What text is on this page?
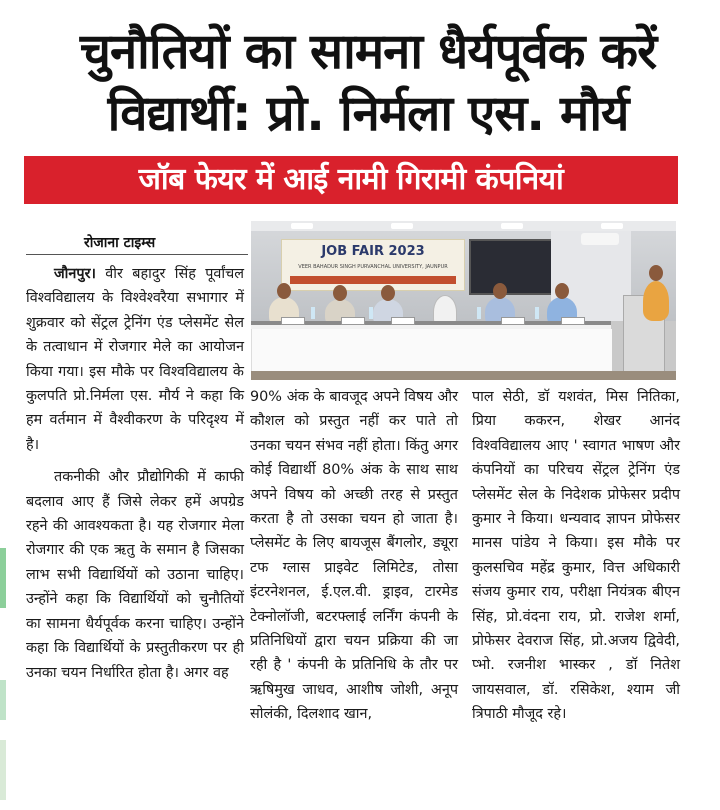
चुनौतियों का सामना धैर्यपूर्वक करें
विद्यार्थी: प्रो. निर्मला एस. मौर्य
जॉब फेयर में आई नामी गिरामी कंपनियां
रोजाना टाइम्स
JOB FAIR 2023
VEER BAHADUR SINGH PURVANCHAL UNIVERSITY, JAUNPUR

जौनपुर। वीर बहादुर सिंह पूर्वांचल विश्वविद्यालय के विश्वेश्वरैया सभागार में शुक्रवार को सेंट्रल ट्रेनिंग एंड प्लेसमेंट सेल के तत्वाधान में रोजगार मेले का आयोजन किया गया। इस मौके पर विश्वविद्यालय के कुलपति प्रो.निर्मला एस. मौर्य ने कहा कि हम वर्तमान में वैश्वीकरण के परिदृश्य में है।

तकनीकी और प्रौद्योगिकी में काफी बदलाव आए हैं जिसे लेकर हमें अपग्रेड रहने की आवश्यकता है। यह रोजगार मेला रोजगार की एक ऋतु के समान है जिसका लाभ सभी विद्यार्थियों को उठाना चाहिए। उन्होंने कहा कि विद्यार्थियों को चुनौतियों का सामना धैर्यपूर्वक करना चाहिए। उन्होंने कहा कि विद्यार्थियों के प्रस्तुतीकरण पर ही उनका चयन निर्धारित होता है। अगर वह

90% अंक के बावजूद अपने विषय और कौशल को प्रस्तुत नहीं कर पाते तो उनका चयन संभव नहीं होता। किंतु अगर कोई विद्यार्थी 80% अंक के साथ साथ अपने विषय को अच्छी तरह से प्रस्तुत करता है तो उसका चयन हो जाता है। प्लेसमेंट के लिए बायजूस बैंगलोर, ड्यूरा टफ ग्लास प्राइवेट लिमिटेड, तोसा इंटरनेशनल, ई.एल.वी. ड्राइव, टारमेड टेक्नोलॉजी, बटरफ्लाई लर्निंग कंपनी के प्रतिनिधियों द्वारा चयन प्रक्रिया की जा रही है ' कंपनी के प्रतिनिधि के तौर पर ऋषिमुख जाधव, आशीष जोशी, अनूप सोलंकी, दिलशाद खान,

पाल सेठी, डॉ यशवंत, मिस नितिका, प्रिया ककरन, शेखर आनंद विश्वविद्यालय आए ' स्वागत भाषण और कंपनियों का परिचय सेंट्रल ट्रेनिंग एंड प्लेसमेंट सेल के निदेशक प्रोफेसर प्रदीप कुमार ने किया। धन्यवाद ज्ञापन प्रोफेसर मानस पांडेय ने किया। इस मौके पर कुलसचिव महेंद्र कुमार, वित्त अधिकारी संजय कुमार राय, परीक्षा नियंत्रक बीएन सिंह, प्रो.वंदना राय, प्रो. राजेश शर्मा, प्रोफेसर देवराज सिंह, प्रो.अजय द्विवेदी, प्भो. रजनीश भास्कर , डॉ नितेश जायसवाल, डॉ. रसिकेश, श्याम जी त्रिपाठी मौजूद रहे।
